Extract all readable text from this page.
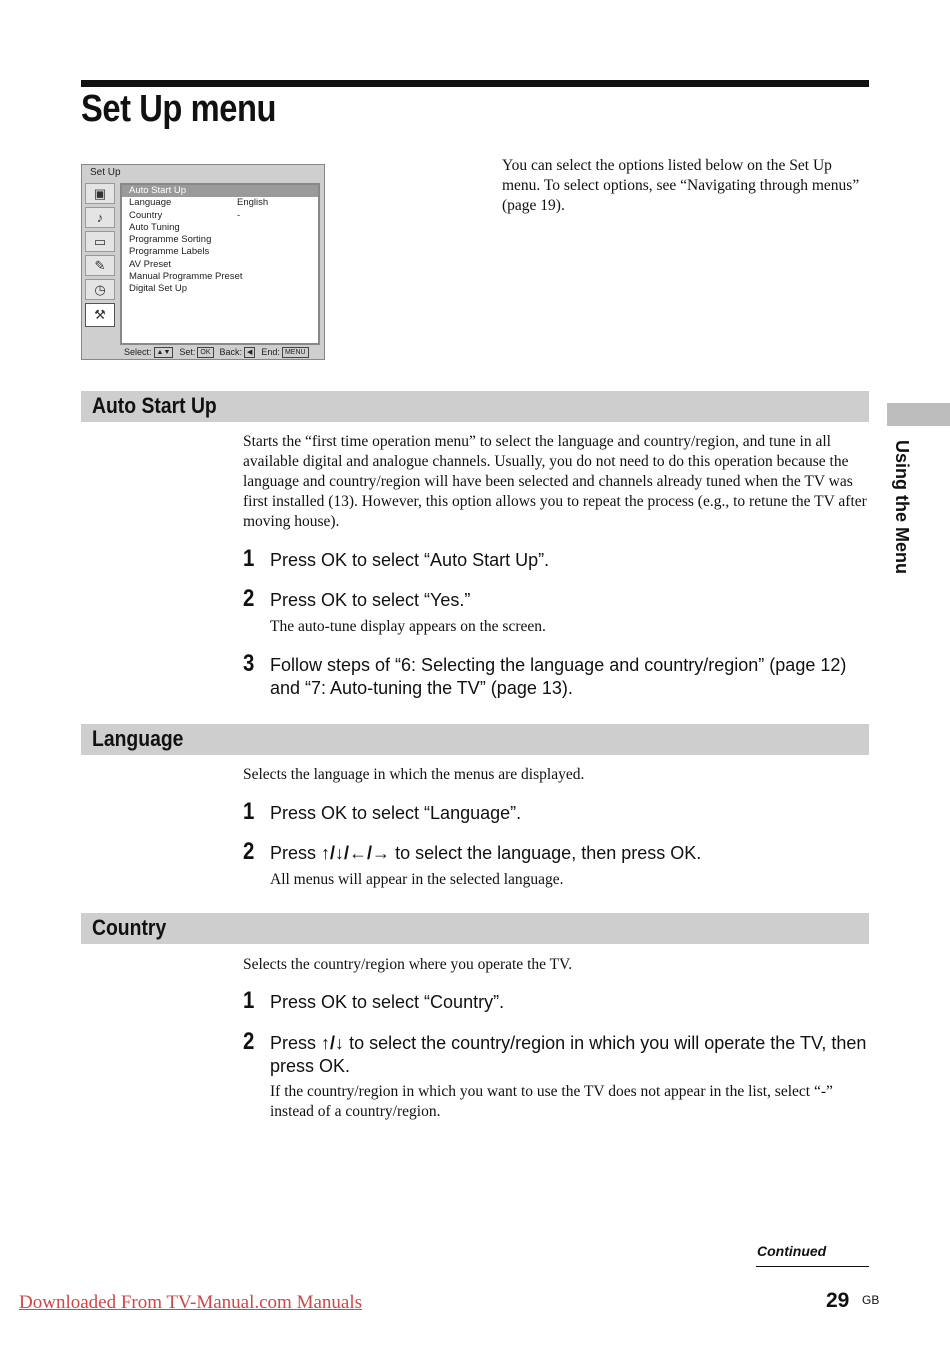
Set Up menu
Set Up
▣
♪
▭
✎
◷
⚒
Auto Start Up
Language	English
Country	-
Auto Tuning
Programme Sorting
Programme Labels
AV Preset
Manual Programme Preset
Digital Set Up
Select: ▲▼ Set: OK Back: ◀ End: MENU

You can select the options listed below on the Set Up menu. To select options, see “Navigating through menus” (page 19).

Auto Start Up

Starts the “first time operation menu” to select the language and country/region, and tune in all available digital and analogue channels. Usually, you do not need to do this operation because the language and country/region will have been selected and channels already tuned when the TV was first installed (13). However, this option allows you to repeat the process (e.g., to retune the TV after moving house).

1 Press OK to select “Auto Start Up”.

2 Press OK to select “Yes.”

The auto-tune display appears on the screen.

3 Follow steps of “6: Selecting the language and country/region” (page 12) and “7: Auto-tuning the TV” (page 13).

Language

Selects the language in which the menus are displayed.

1 Press OK to select “Language”.

2 Press ↑/↓/←/→ to select the language, then press OK.

All menus will appear in the selected language.

Country

Selects the country/region where you operate the TV.

1 Press OK to select “Country”.

2 Press ↑/↓ to select the country/region in which you will operate the TV, then press OK.

If the country/region in which you want to use the TV does not appear in the list, select “-” instead of a country/region.

Using the Menu
Continued
29 GB
Downloaded From TV-Manual.com Manuals
